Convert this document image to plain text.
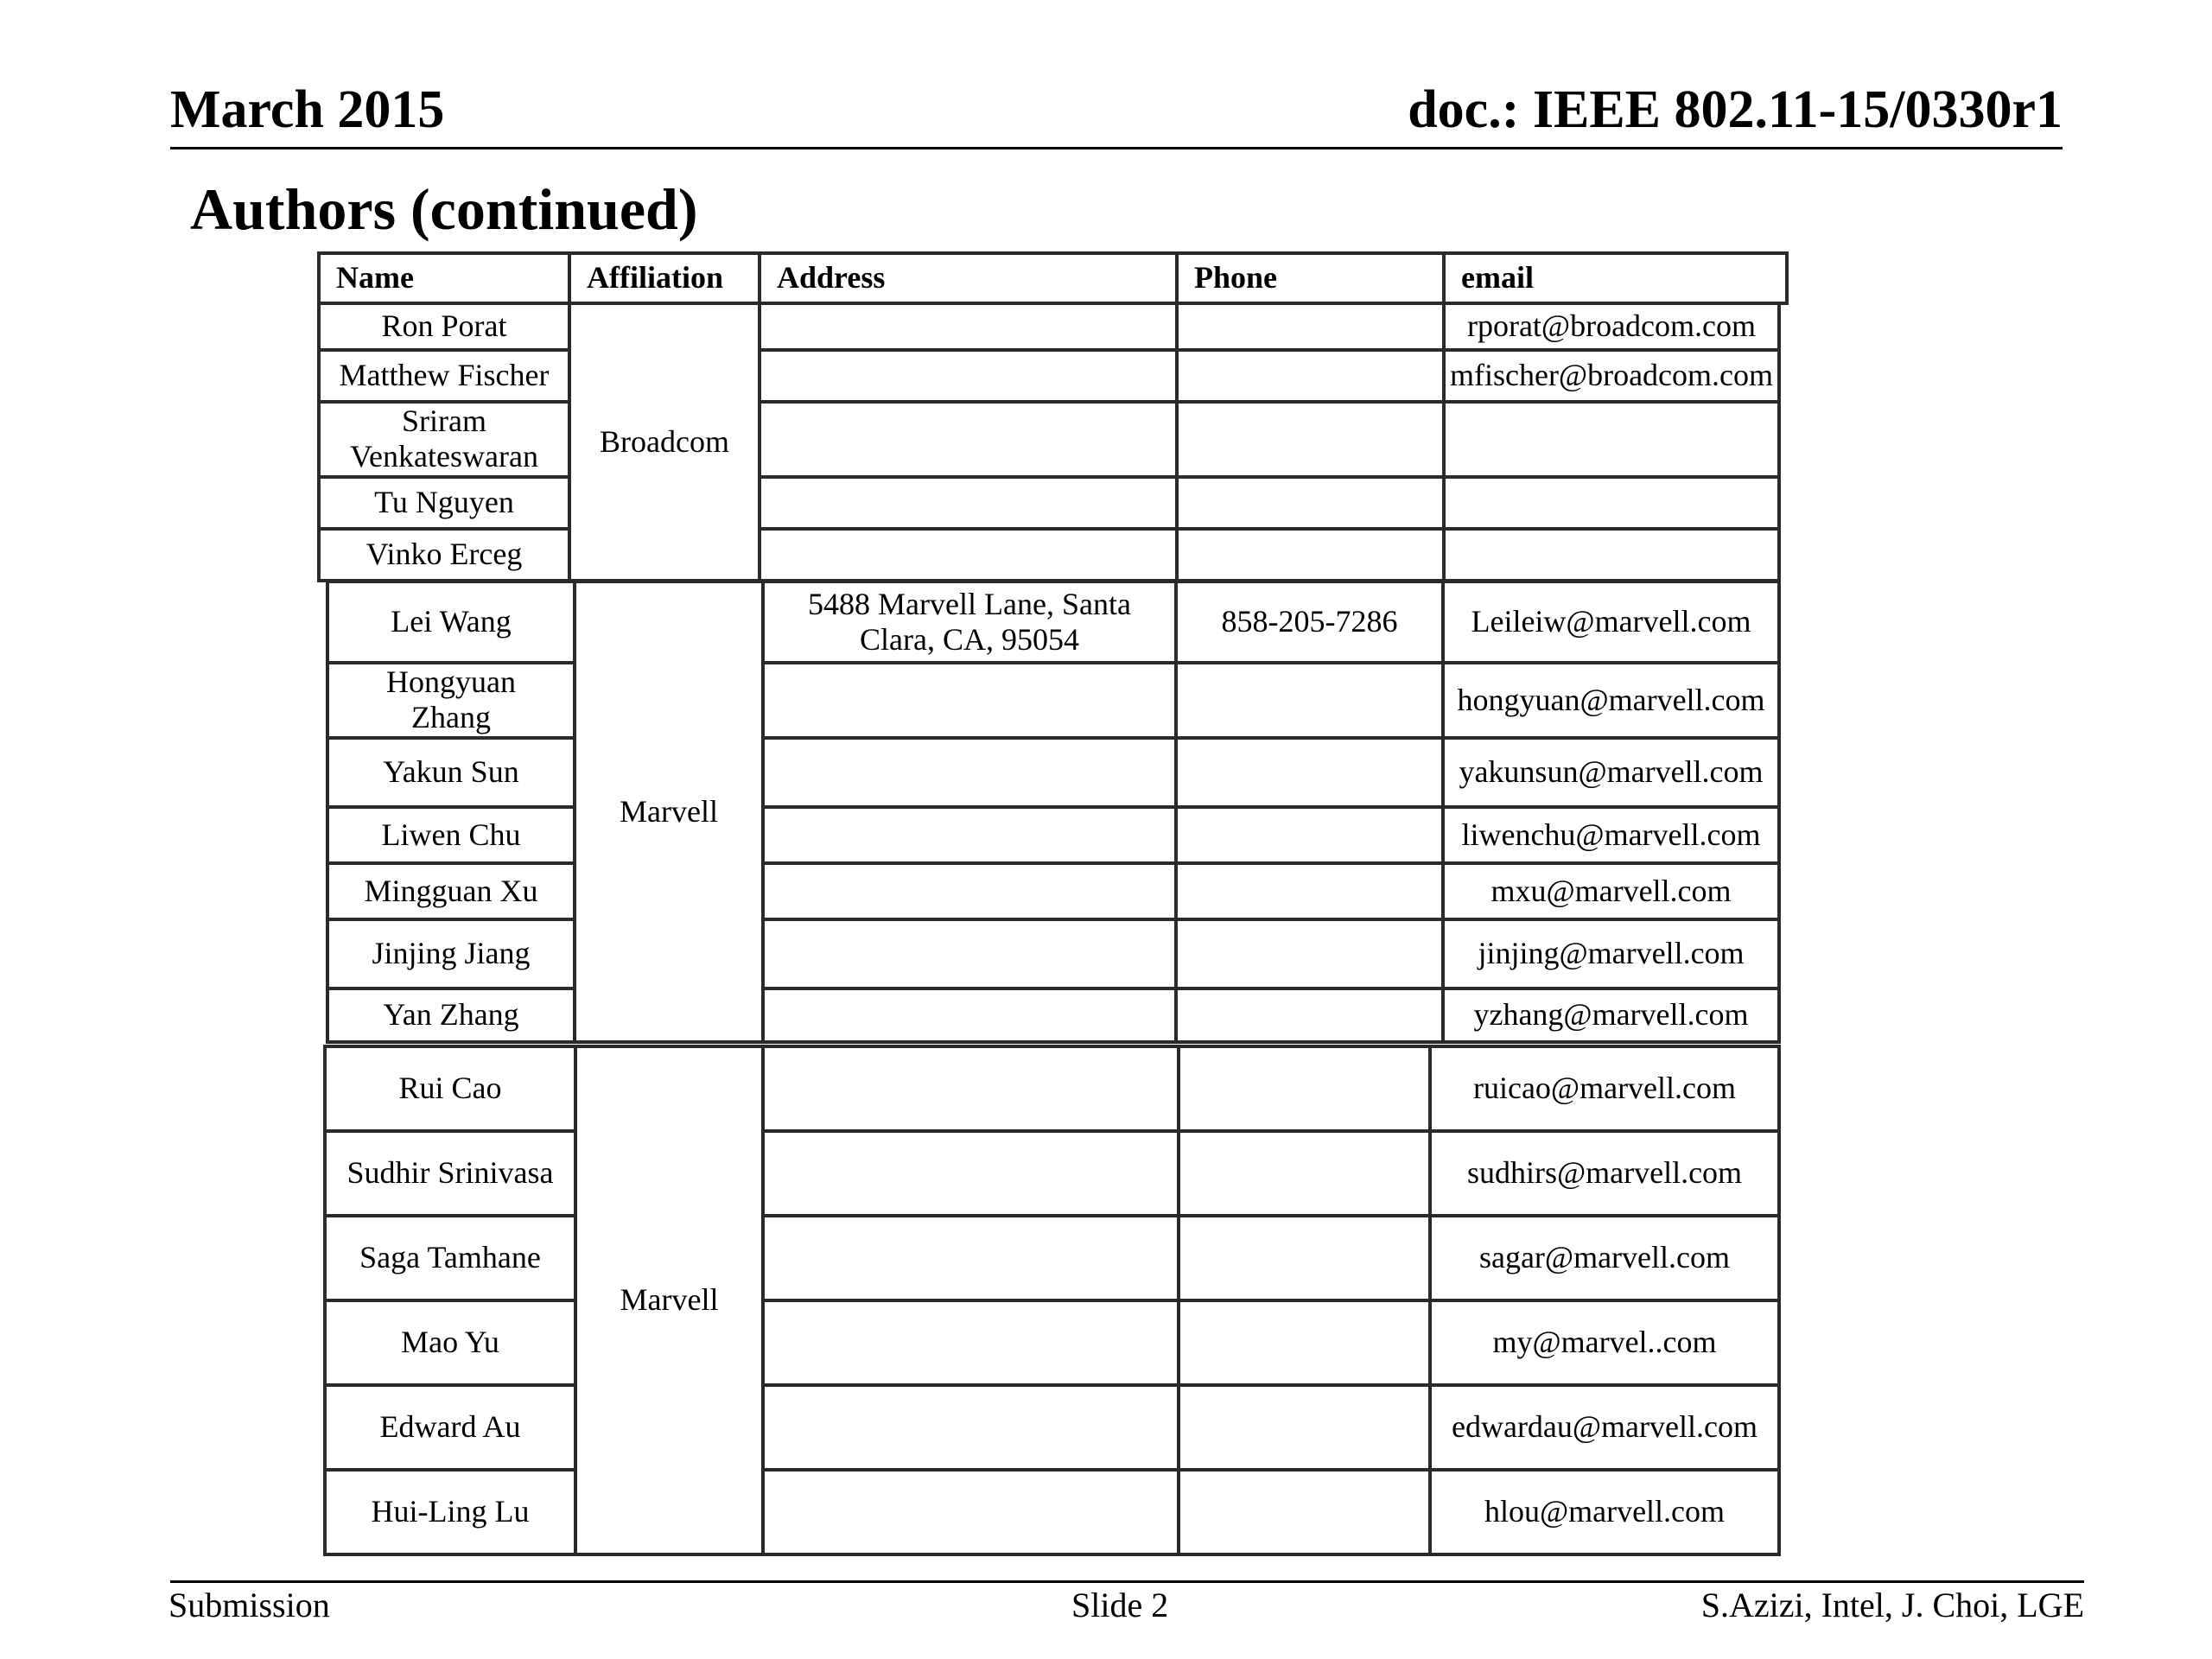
March 2015	doc.: IEEE 802.11-15/0330r1
Authors (continued)
Name	Affiliation	Address	Phone	email
Ron Porat	Broadcom			rporat@broadcom.com
Matthew Fischer				mfischer@broadcom.com
Sriram Venkateswaran				
Tu Nguyen				
Vinko Erceg				
Lei Wang	Marvell	5488 Marvell Lane, Santa Clara, CA, 95054	858-205-7286	Leileiw@marvell.com
Hongyuan Zhang				hongyuan@marvell.com
Yakun Sun				yakunsun@marvell.com
Liwen Chu				liwenchu@marvell.com
Mingguan Xu				mxu@marvell.com
Jinjing Jiang				jinjing@marvell.com
Yan Zhang				yzhang@marvell.com
Rui Cao	Marvell			ruicao@marvell.com
Sudhir Srinivasa				sudhirs@marvell.com
Saga Tamhane				sagar@marvell.com
Mao Yu				my@marvel..com
Edward Au				edwardau@marvell.com
Hui-Ling Lu				hlou@marvell.com
Submission	Slide 2	S.Azizi, Intel, J. Choi, LGE
